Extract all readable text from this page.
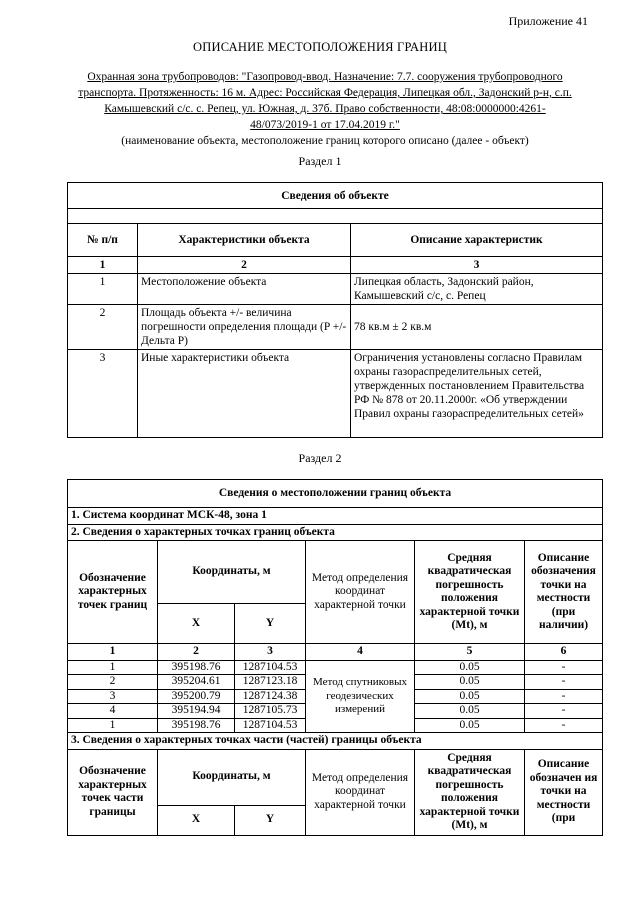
Приложение 41
ОПИСАНИЕ МЕСТОПОЛОЖЕНИЯ ГРАНИЦ
Охранная зона трубопроводов: "Газопровод-ввод. Назначение: 7.7. сооружения трубопроводного
транспорта. Протяженность: 16 м. Адрес: Российская Федерация, Липецкая обл., Задонский р-н, с.п.
Камышевский с/с. с. Репец, ул. Южная, д. 37б. Право собственности, 48:08:0000000:4261-
48/073/2019-1 от 17.04.2019 г."
(наименование объекта, местоположение границ которого описано (далее - объект)
Раздел 1
Сведения об объекте		

№ п/п	Характеристики объекта	Описание характеристик
1	2	3
1	Местоположение объекта	Липецкая область, Задонский район, Камышевский с/с, с. Репец
2	Площадь объекта +/- величина погрешности определения площади (P +/- Дельта P)	78 кв.м ± 2 кв.м
3	Иные характеристики объекта	Ограничения установлены согласно Правилам охраны газораспределительных сетей, утвержденных постановлением Правительства РФ № 878 от 20.11.2000г. «Об утверждении Правил охраны газораспределительных сетей»
Раздел 2
Сведения о местоположении границ объекта					
1. Система координат МСК-48, зона 1					
2. Сведения о характерных точках границ объекта					
Обозначение характерных точек границ	Координаты, м		Метод определения координат характерной точки	Средняя квадратическая погрешность положения характерной точки (Mt), м	Описание обозначения точки на местности (при наличии)
	X	Y			
1	2	3	4	5	6
1	395198.76	1287104.53	Метод спутниковых геодезических измерений	0.05	-
2	395204.61	1287123.18		0.05	-
3	395200.79	1287124.38		0.05	-
4	395194.94	1287105.73		0.05	-
1	395198.76	1287104.53		0.05	-
3. Сведения о характерных точках части (частей) границы объекта					
Обозначение характерных точек части границы	Координаты, м		Метод определения координат характерной точки	Средняя квадратическая погрешность положения характерной точки (Mt), м	Описание обозначен ия точки на местности (при
	X	Y			
